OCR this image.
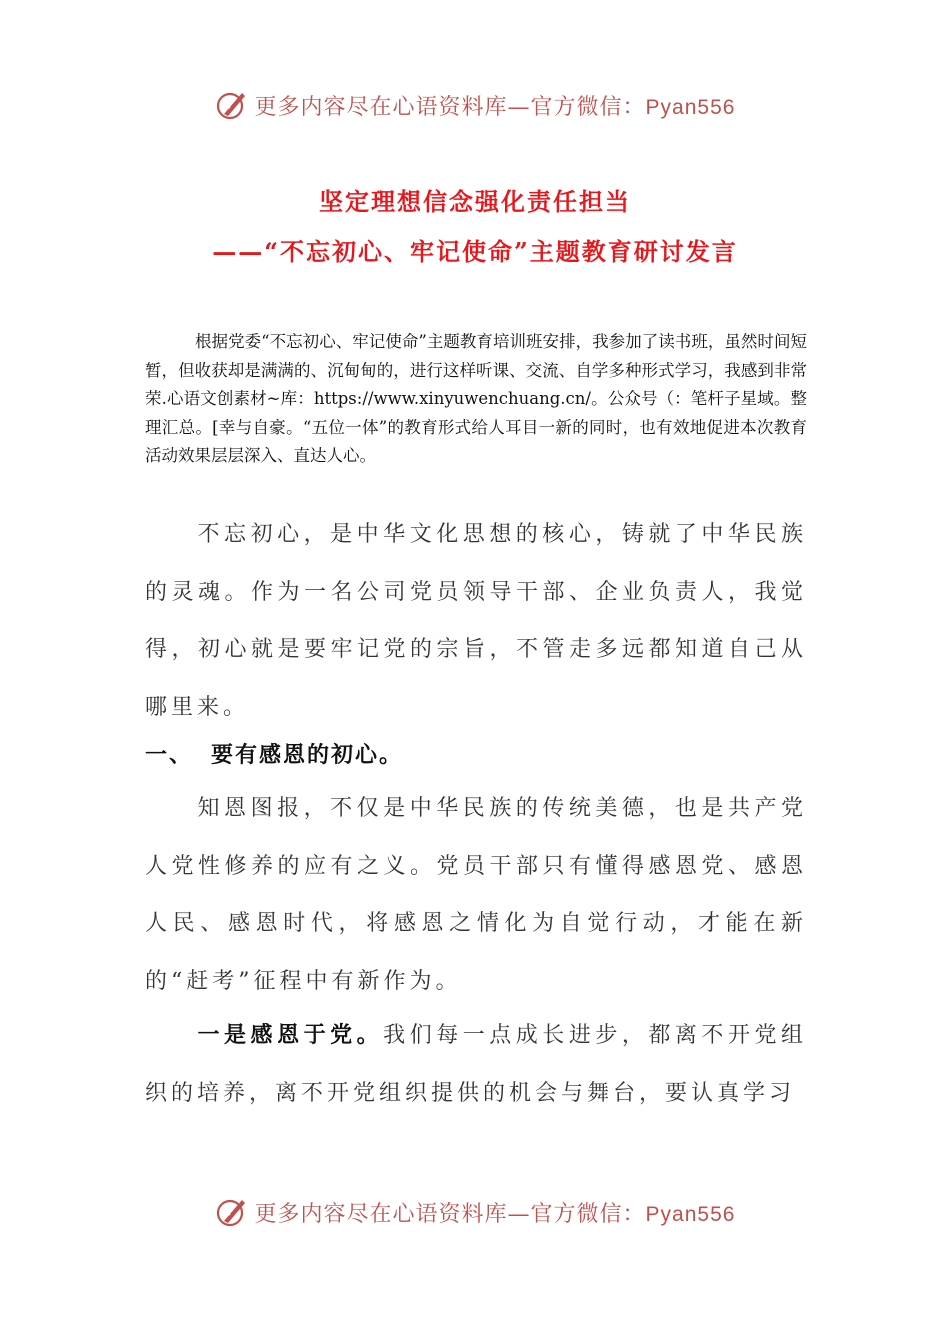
更多内容尽在心语资料库—官方微信：Pyan556
坚定理想信念强化责任担当
——“不忘初心、牢记使命”主题教育研讨发言

根据党委“不忘初心、牢记使命”主题教育培训班安排，我参加了读书班，虽然时间短暂，但收获却是满满的、沉甸甸的，进行这样听课、交流、自学多种形式学习，我感到非常荣.心语文创素材~库：https://www.xinyuwenchuang.cn/。公众号（：笔杆子星域。整理汇总。[幸与自豪。“五位一体”的教育形式给人耳目一新的同时，也有效地促进本次教育活动效果层层深入、直达人心。

不忘初心，是中华文化思想的核心，铸就了中华民族的灵魂。作为一名公司党员领导干部、企业负责人，我觉得，初心就是要牢记党的宗旨，不管走多远都知道自己从哪里来。

一、 要有感恩的初心。

知恩图报，不仅是中华民族的传统美德，也是共产党人党性修养的应有之义。党员干部只有懂得感恩党、感恩人民、感恩时代，将感恩之情化为自觉行动，才能在新的“赶考”征程中有新作为。

一是感恩于党。我们每一点成长进步，都离不开党组织的培养，离不开党组织提供的机会与舞台，要认真学习

更多内容尽在心语资料库—官方微信：Pyan556
